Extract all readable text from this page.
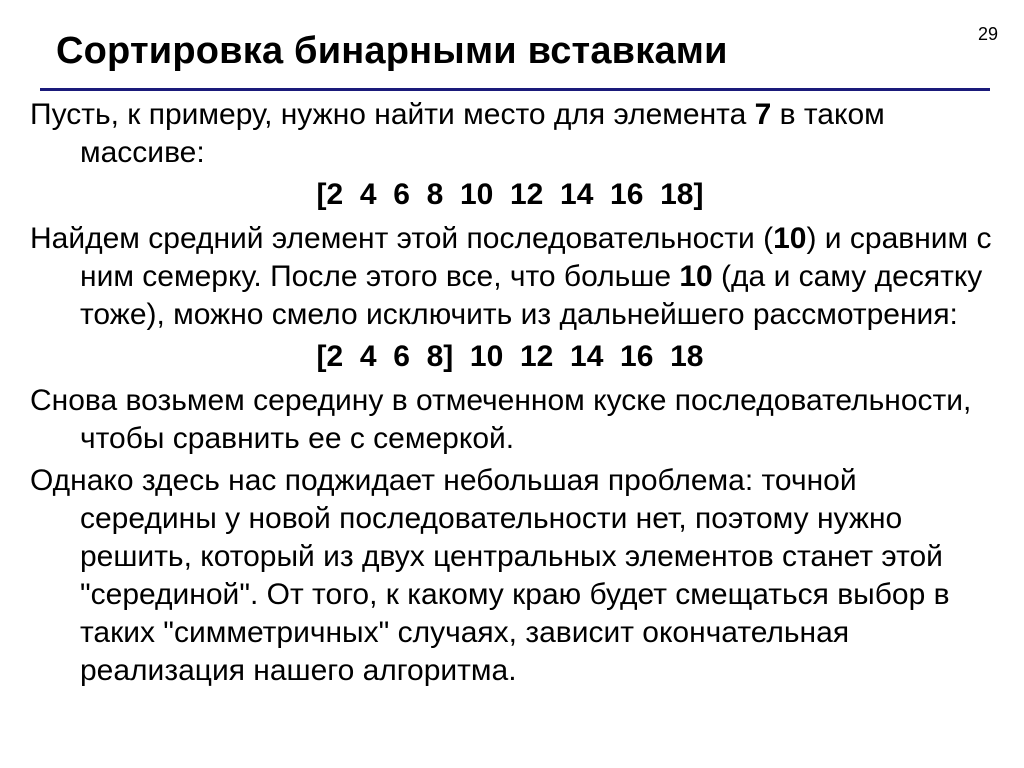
29
Сортировка бинарными вставками

Пусть, к примеру, нужно найти место для элемента 7 в таком массиве:

[2  4  6  8  10  12  14  16  18]

Найдем средний элемент этой последовательности (10) и сравним с ним семерку. После этого все, что больше 10 (да и саму десятку тоже), можно смело исключить из дальнейшего рассмотрения:

[2  4  6  8]  10  12  14  16  18

Снова возьмем середину в отмеченном куске последовательности, чтобы сравнить ее с семеркой.

Однако здесь нас поджидает небольшая проблема: точной середины у новой последовательности нет, поэтому нужно решить, который из двух центральных элементов станет этой "серединой". От того, к какому краю будет смещаться выбор в таких "симметричных" случаях, зависит окончательная реализация нашего алгоритма.
